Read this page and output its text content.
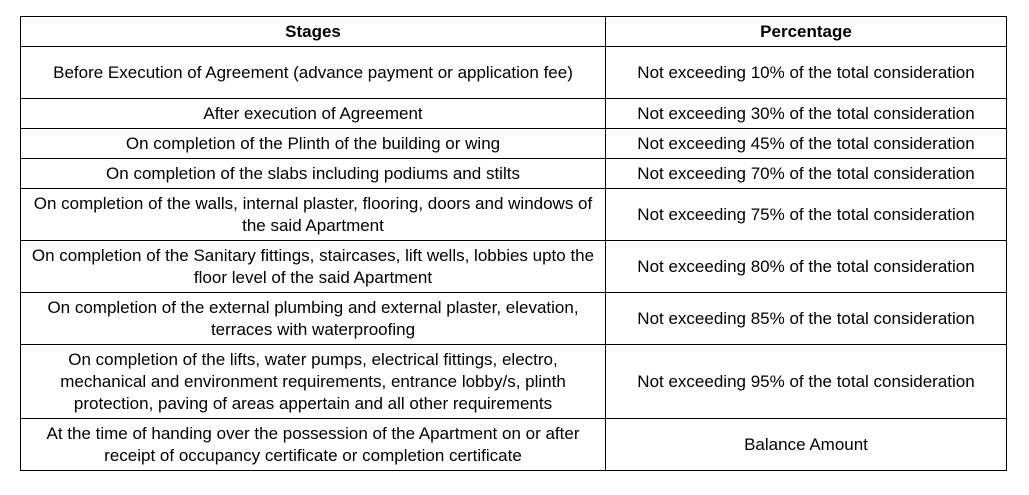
Stages	Percentage
Before Execution of Agreement (advance payment or application fee)	Not exceeding 10% of the total consideration
After execution of Agreement	Not exceeding 30% of the total consideration
On completion of the Plinth of the building or wing	Not exceeding 45% of the total consideration
On completion of the slabs including podiums and stilts	Not exceeding 70% of the total consideration
On completion of the walls, internal plaster, flooring, doors and windows of the said Apartment	Not exceeding 75% of the total consideration
On completion of the Sanitary fittings, staircases, lift wells, lobbies upto the floor level of the said Apartment	Not exceeding 80% of the total consideration
On completion of the external plumbing and external plaster, elevation, terraces with waterproofing	Not exceeding 85% of the total consideration
On completion of the lifts, water pumps, electrical fittings, electro, mechanical and environment requirements, entrance lobby/s, plinth protection, paving of areas appertain and all other requirements	Not exceeding 95% of the total consideration
At the time of handing over the possession of the Apartment on or after receipt of occupancy certificate or completion certificate	Balance Amount
